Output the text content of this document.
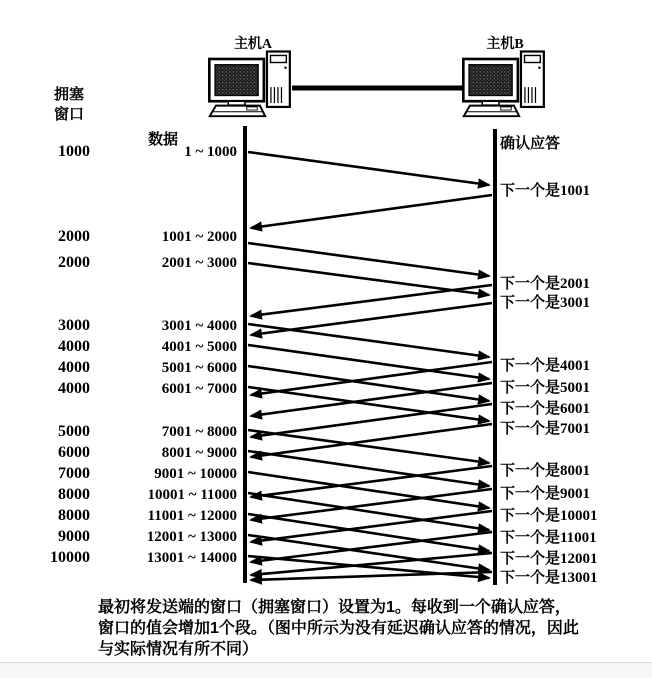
主机A	主机B
拥塞
窗口
数据	确认应答
1000	1 ~ 1000
2000	1001 ~ 2000
2000	2001 ~ 3000
3000	3001 ~ 4000
4000	4001 ~ 5000
4000	5001 ~ 6000
4000	6001 ~ 7000
5000	7001 ~ 8000
6000	8001 ~ 9000
7000	9001 ~ 10000
8000	10001 ~ 11000
8000	11001 ~ 12000
9000	12001 ~ 13000
10000	13001 ~ 14000
下一个是1001
下一个是2001
下一个是3001
下一个是4001
下一个是5001
下一个是6001
下一个是7001
下一个是8001
下一个是9001
下一个是10001
下一个是11001
下一个是12001
下一个是13001
最初将发送端的窗口（拥塞窗口）设置为1。每收到一个确认应答，
窗口的值会增加1个段。（图中所示为没有延迟确认应答的情况，因此
与实际情况有所不同）
